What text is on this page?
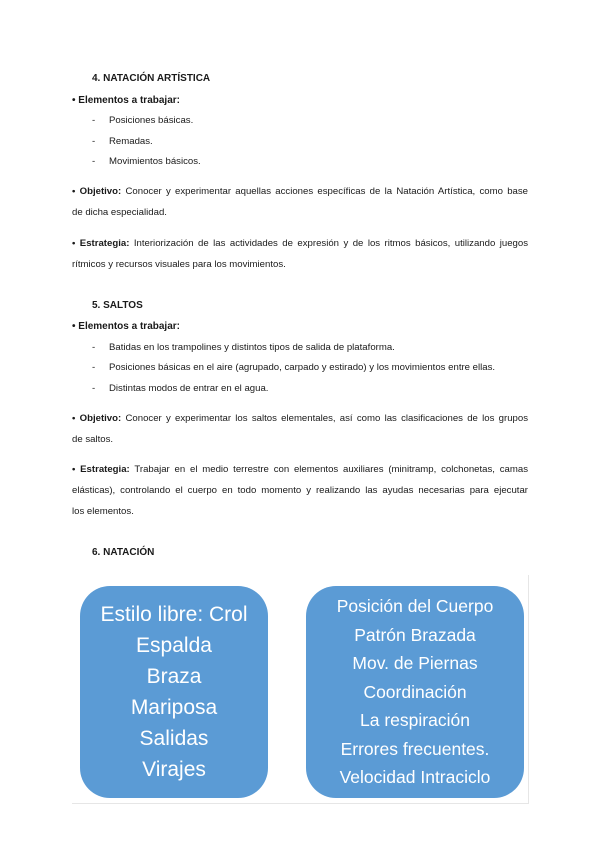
4. NATACIÓN ARTÍSTICA
• Elementos a trabajar:
- Posiciones básicas.
- Remadas.
- Movimientos básicos.
• Objetivo: Conocer y experimentar aquellas acciones específicas de la Natación Artística, como base
de dicha especialidad.
• Estrategia: Interiorización de las actividades de expresión y de los ritmos básicos, utilizando juegos
rítmicos y recursos visuales para los movimientos.
5. SALTOS
• Elementos a trabajar:
- Batidas en los trampolines y distintos tipos de salida de plataforma.
- Posiciones básicas en el aire (agrupado, carpado y estirado) y los movimientos entre ellas.
- Distintas modos de entrar en el agua.
• Objetivo: Conocer y experimentar los saltos elementales, así como las clasificaciones de los grupos
de saltos.
• Estrategia: Trabajar en el medio terrestre con elementos auxiliares (minitramp, colchonetas, camas
elásticas), controlando el cuerpo en todo momento y realizando las ayudas necesarias para ejecutar
los elementos.
6. NATACIÓN
Estilo libre: Crol
Espalda
Braza
Mariposa
Salidas
Virajes
Posición del Cuerpo
Patrón Brazada
Mov. de Piernas
Coordinación
La respiración
Errores frecuentes.
Velocidad Intraciclo
